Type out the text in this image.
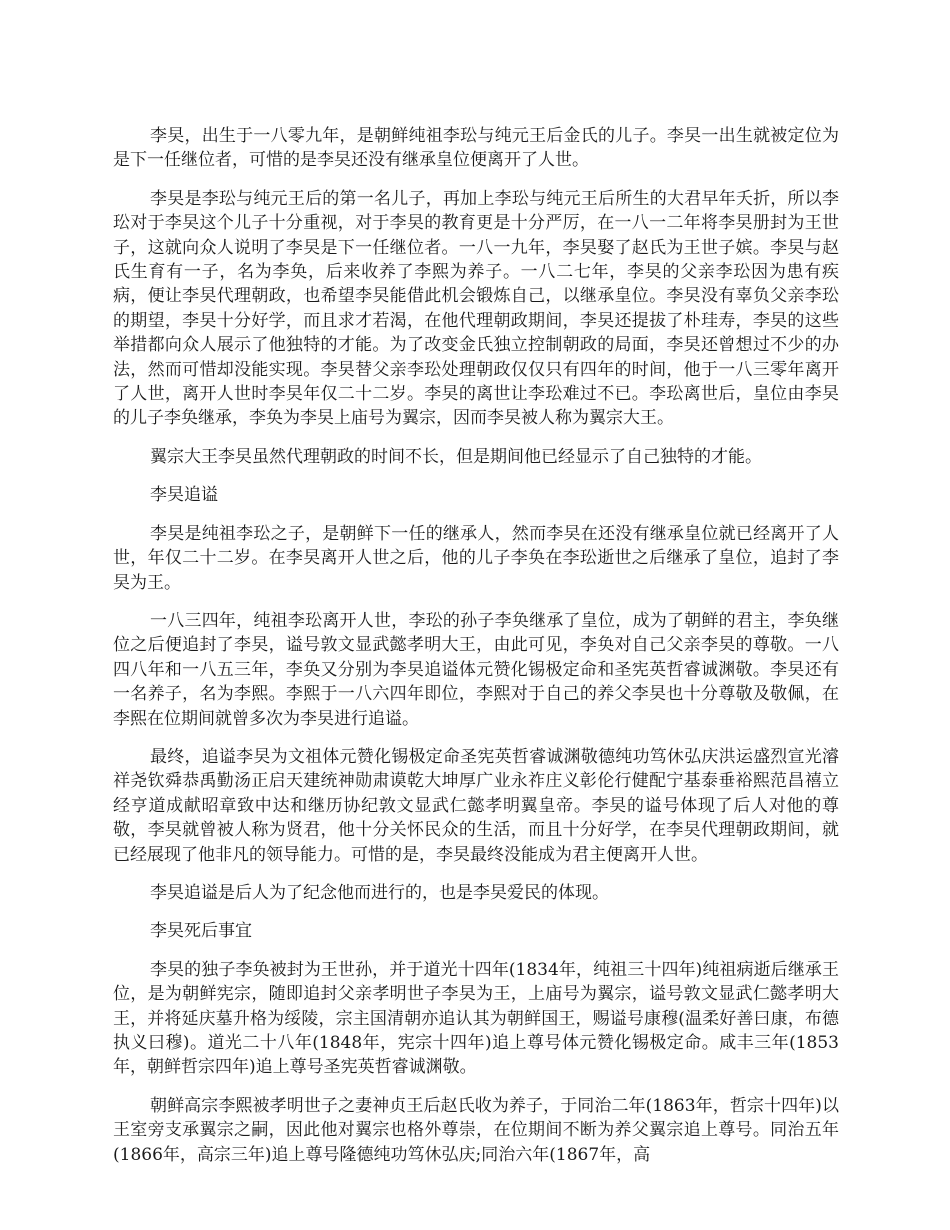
李旲，出生于一八零九年，是朝鲜纯祖李玜与纯元王后金氏的儿子。李旲一出生就被定位为是下一任继位者，可惜的是李旲还没有继承皇位便离开了人世。

李旲是李玜与纯元王后的第一名儿子，再加上李玜与纯元王后所生的大君早年夭折，所以李玜对于李旲这个儿子十分重视，对于李旲的教育更是十分严厉，在一八一二年将李旲册封为王世子，这就向众人说明了李旲是下一任继位者。一八一九年，李旲娶了赵氏为王世子嫔。李旲与赵氏生育有一子，名为李奂，后来收养了李熙为养子。一八二七年，李旲的父亲李玜因为患有疾病，便让李旲代理朝政，也希望李旲能借此机会锻炼自己，以继承皇位。李旲没有辜负父亲李玜的期望，李旲十分好学，而且求才若渴，在他代理朝政期间，李旲还提拔了朴珪寿，李旲的这些举措都向众人展示了他独特的才能。为了改变金氏独立控制朝政的局面，李旲还曾想过不少的办法，然而可惜却没能实现。李旲替父亲李玜处理朝政仅仅只有四年的时间，他于一八三零年离开了人世，离开人世时李旲年仅二十二岁。李旲的离世让李玜难过不已。李玜离世后，皇位由李旲的儿子李奂继承，李奂为李旲上庙号为翼宗，因而李旲被人称为翼宗大王。

翼宗大王李旲虽然代理朝政的时间不长，但是期间他已经显示了自己独特的才能。

李旲追谥

李旲是纯祖李玜之子，是朝鲜下一任的继承人，然而李旲在还没有继承皇位就已经离开了人世，年仅二十二岁。在李旲离开人世之后，他的儿子李奂在李玜逝世之后继承了皇位，追封了李旲为王。

一八三四年，纯祖李玜离开人世，李玜的孙子李奂继承了皇位，成为了朝鲜的君主，李奂继位之后便追封了李旲，谥号敦文显武懿孝明大王，由此可见，李奂对自己父亲李旲的尊敬。一八四八年和一八五三年，李奂又分别为李旲追谥体元赞化锡极定命和圣宪英哲睿诚渊敬。李旲还有一名养子，名为李熙。李熙于一八六四年即位，李熙对于自己的养父李旲也十分尊敬及敬佩，在李熙在位期间就曾多次为李旲进行追谥。

最终，追谥李旲为文祖体元赞化锡极定命圣宪英哲睿诚渊敬德纯功笃休弘庆洪运盛烈宣光濬祥尧钦舜恭禹勤汤正启天建统神勋肃谟乾大坤厚广业永祚庄义彰伦行健配宁基泰垂裕熙范昌禧立经亨道成献昭章致中达和继历协纪敦文显武仁懿孝明翼皇帝。李旲的谥号体现了后人对他的尊敬，李旲就曾被人称为贤君，他十分关怀民众的生活，而且十分好学，在李旲代理朝政期间，就已经展现了他非凡的领导能力。可惜的是，李旲最终没能成为君主便离开人世。

李旲追谥是后人为了纪念他而进行的，也是李旲爱民的体现。

李旲死后事宜

李旲的独子李奂被封为王世孙，并于道光十四年(1834年，纯祖三十四年)纯祖病逝后继承王位，是为朝鲜宪宗，随即追封父亲孝明世子李旲为王，上庙号为翼宗，谥号敦文显武仁懿孝明大王，并将延庆墓升格为绥陵，宗主国清朝亦追认其为朝鲜国王，赐谥号康穆(温柔好善曰康，布德执义曰穆)。道光二十八年(1848年，宪宗十四年)追上尊号体元赞化锡极定命。咸丰三年(1853年，朝鲜哲宗四年)追上尊号圣宪英哲睿诚渊敬。

朝鲜高宗李熙被孝明世子之妻神贞王后赵氏收为养子，于同治二年(1863年，哲宗十四年)以王室旁支承翼宗之嗣，因此他对翼宗也格外尊崇，在位期间不断为养父翼宗追上尊号。同治五年(1866年，高宗三年)追上尊号隆德纯功笃休弘庆;同治六年(1867年，高
